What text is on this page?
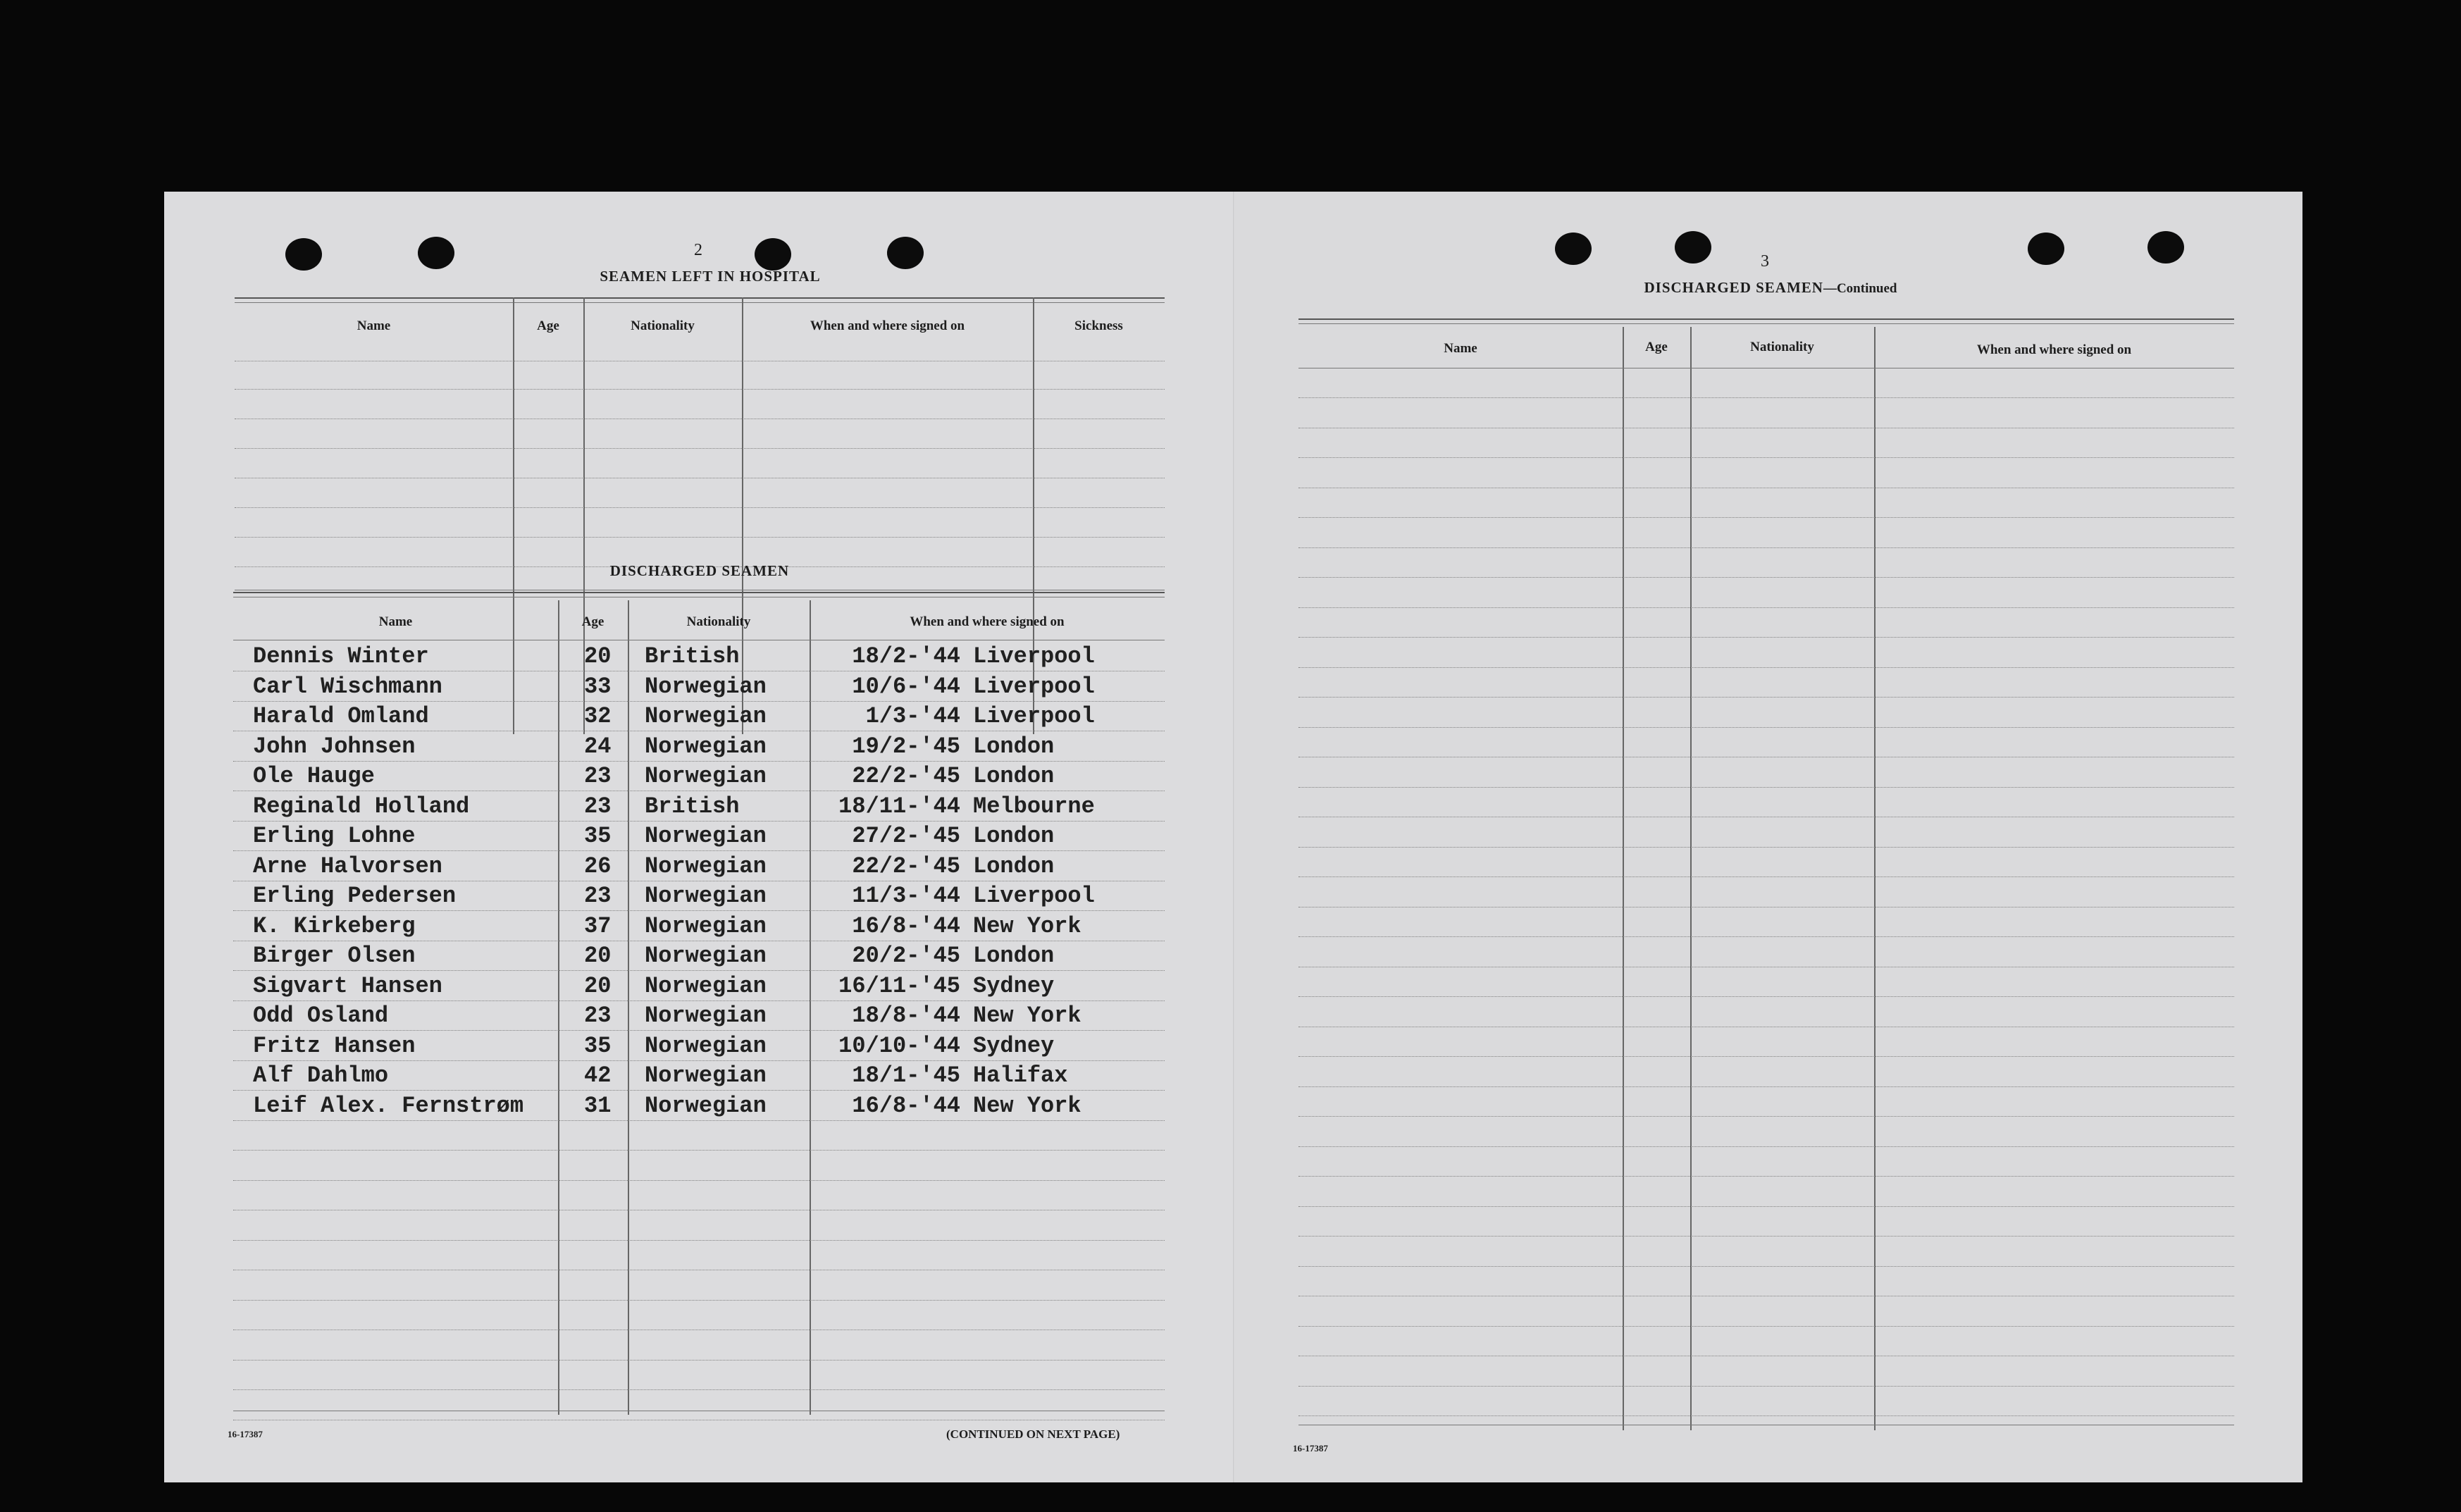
2
SEAMEN LEFT IN HOSPITAL
Name	Age	Nationality	When and where signed on	Sickness
DISCHARGED SEAMEN
Name	Age	Nationality	When and where signed on
Dennis Winter	20 British	18/2-'44 Liverpool
Carl Wischmann	33 Norwegian	10/6-'44 Liverpool
Harald Omland	32 Norwegian	1/3-'44 Liverpool
John Johnsen	24 Norwegian	19/2-'45 London
Ole Hauge	23 Norwegian	22/2-'45 London
Reginald Holland	23 British	18/11-'44 Melbourne
Erling Lohne	35 Norwegian	27/2-'45 London
Arne Halvorsen	26 Norwegian	22/2-'45 London
Erling Pedersen	23 Norwegian	11/3-'44 Liverpool
K. Kirkeberg	37 Norwegian	16/8-'44 New York
Birger Olsen	20 Norwegian	20/2-'45 London
Sigvart Hansen	20 Norwegian	16/11-'45 Sydney
Odd Osland	23 Norwegian	18/8-'44 New York
Fritz Hansen	35 Norwegian	10/10-'44 Sydney
Alf Dahlmo	42 Norwegian	18/1-'45 Halifax
Leif Alex. Fernstrøm	31 Norwegian	16/8-'44 New York
16-17387	(CONTINUED ON NEXT PAGE)
3
DISCHARGED SEAMEN—Continued
Name	Age	Nationality	When and where signed on
16-17387
